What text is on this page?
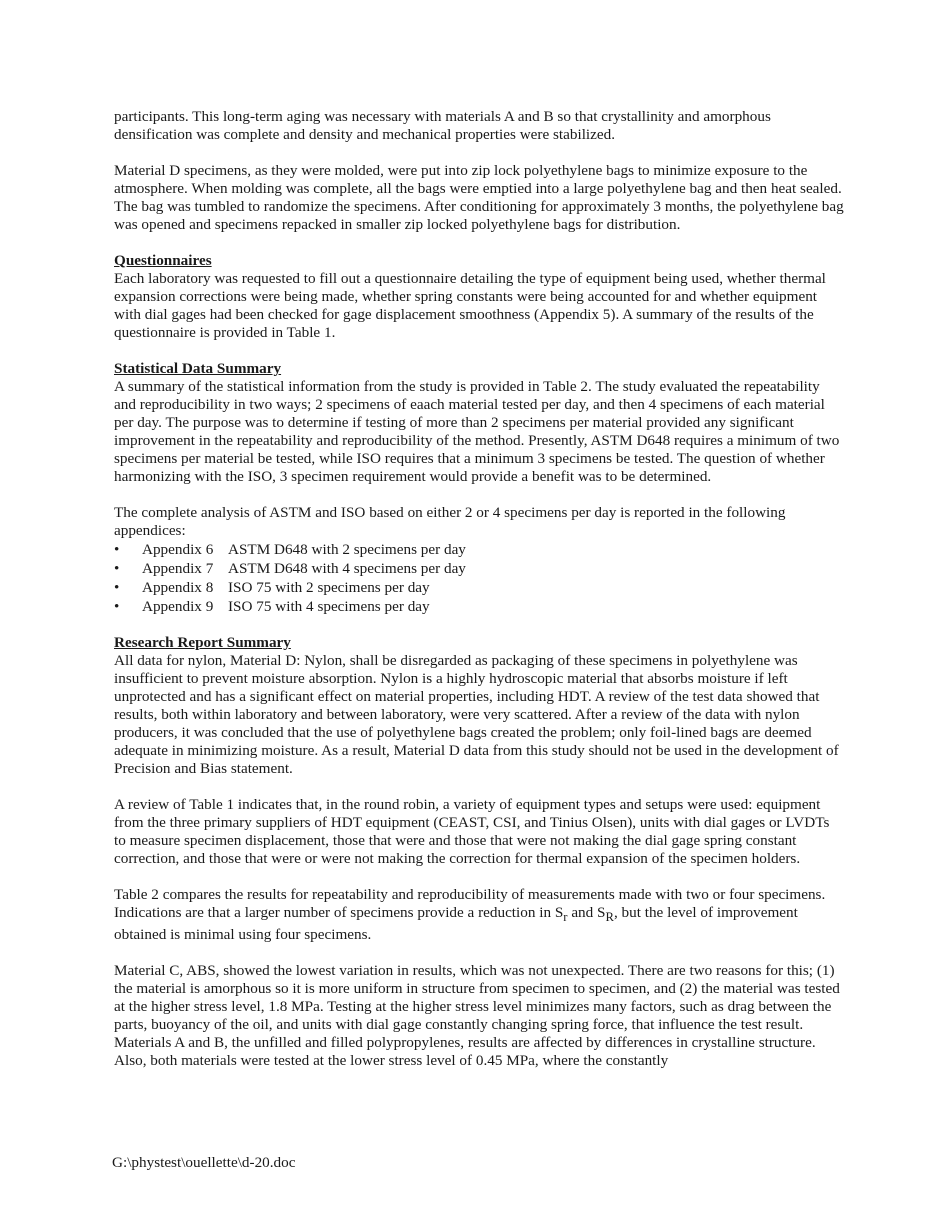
participants. This long-term aging was necessary with materials A and B so that crystallinity and amorphous densification was complete and density and mechanical properties were stabilized.

Material D specimens, as they were molded, were put into zip lock polyethylene bags to minimize exposure to the atmosphere. When molding was complete, all the bags were emptied into a large polyethylene bag and then heat sealed. The bag was tumbled to randomize the specimens. After conditioning for approximately 3 months, the polyethylene bag was opened and specimens repacked in smaller zip locked polyethylene bags for distribution.

Questionnaires

Each laboratory was requested to fill out a questionnaire detailing the type of equipment being used, whether thermal expansion corrections were being made, whether spring constants were being accounted for and whether equipment with dial gages had been checked for gage displacement smoothness (Appendix 5). A summary of the results of the questionnaire is provided in Table 1.

Statistical Data Summary

A summary of the statistical information from the study is provided in Table 2. The study evaluated the repeatability and reproducibility in two ways; 2 specimens of eaach material tested per day, and then 4 specimens of each material per day. The purpose was to determine if testing of more than 2 specimens per material provided any significant improvement in the repeatability and reproducibility of the method. Presently, ASTM D648 requires a minimum of two specimens per material be tested, while ISO requires that a minimum 3 specimens be tested. The question of whether harmonizing with the ISO, 3 specimen requirement would provide a benefit was to be determined.

The complete analysis of ASTM and ISO based on either 2 or 4 specimens per day is reported in the following appendices:

• Appendix 6 ASTM D648 with 2 specimens per day
• Appendix 7 ASTM D648 with 4 specimens per day
• Appendix 8 ISO 75 with 2 specimens per day
• Appendix 9 ISO 75 with 4 specimens per day
Research Report Summary

All data for nylon, Material D: Nylon, shall be disregarded as packaging of these specimens in polyethylene was insufficient to prevent moisture absorption. Nylon is a highly hydroscopic material that absorbs moisture if left unprotected and has a significant effect on material properties, including HDT. A review of the test data showed that results, both within laboratory and between laboratory, were very scattered. After a review of the data with nylon producers, it was concluded that the use of polyethylene bags created the problem; only foil-lined bags are deemed adequate in minimizing moisture. As a result, Material D data from this study should not be used in the development of Precision and Bias statement.

A review of Table 1 indicates that, in the round robin, a variety of equipment types and setups were used: equipment from the three primary suppliers of HDT equipment (CEAST, CSI, and Tinius Olsen), units with dial gages or LVDTs to measure specimen displacement, those that were and those that were not making the dial gage spring constant correction, and those that were or were not making the correction for thermal expansion of the specimen holders.

Table 2 compares the results for repeatability and reproducibility of measurements made with two or four specimens. Indications are that a larger number of specimens provide a reduction in $S_r$ and $S_R$, but the level of improvement obtained is minimal using four specimens.

Material C, ABS, showed the lowest variation in results, which was not unexpected. There are two reasons for this; (1) the material is amorphous so it is more uniform in structure from specimen to specimen, and (2) the material was tested at the higher stress level, 1.8 MPa. Testing at the higher stress level minimizes many factors, such as drag between the parts, buoyancy of the oil, and units with dial gage constantly changing spring force, that influence the test result. Materials A and B, the unfilled and filled polypropylenes, results are affected by differences in crystalline structure. Also, both materials were tested at the lower stress level of 0.45 MPa, where the constantly

G:\phystest\ouellette\d-20.doc
